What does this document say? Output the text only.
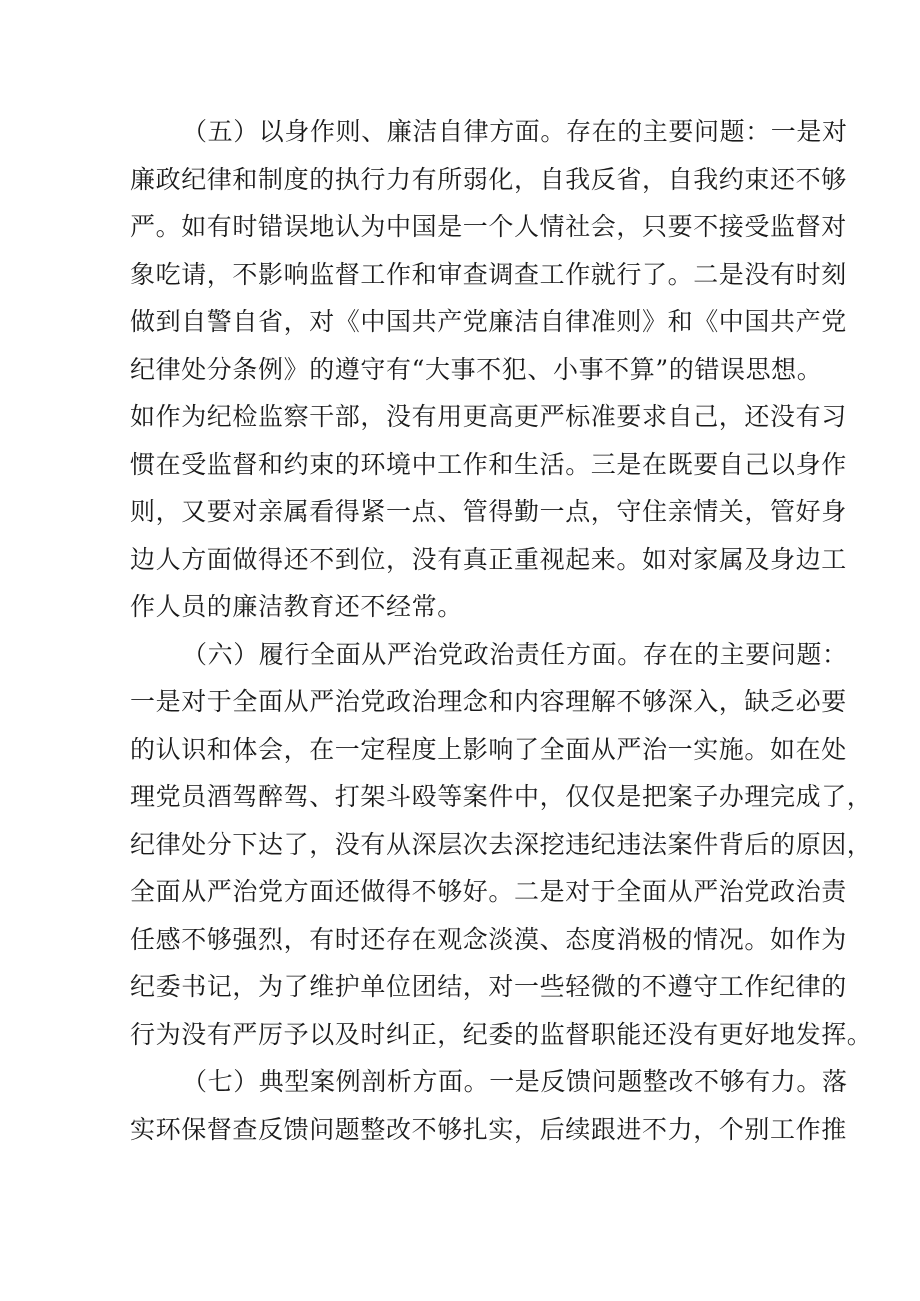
（五）以身作则、廉洁自律方面。存在的主要问题：一是对
廉政纪律和制度的执行力有所弱化，自我反省，自我约束还不够
严。如有时错误地认为中国是一个人情社会，只要不接受监督对
象吃请，不影响监督工作和审查调查工作就行了。二是没有时刻
做到自警自省，对《中国共产党廉洁自律准则》和《中国共产党
纪律处分条例》的遵守有“大事不犯、小事不算”的错误思想。
如作为纪检监察干部，没有用更高更严标准要求自己，还没有习
惯在受监督和约束的环境中工作和生活。三是在既要自己以身作
则，又要对亲属看得紧一点、管得勤一点，守住亲情关，管好身
边人方面做得还不到位，没有真正重视起来。如对家属及身边工
作人员的廉洁教育还不经常。
（六）履行全面从严治党政治责任方面。存在的主要问题：
一是对于全面从严治党政治理念和内容理解不够深入，缺乏必要
的认识和体会，在一定程度上影响了全面从严治一实施。如在处
理党员酒驾醉驾、打架斗殴等案件中，仅仅是把案子办理完成了，
纪律处分下达了，没有从深层次去深挖违纪违法案件背后的原因，
全面从严治党方面还做得不够好。二是对于全面从严治党政治责
任感不够强烈，有时还存在观念淡漠、态度消极的情况。如作为
纪委书记，为了维护单位团结，对一些轻微的不遵守工作纪律的
行为没有严厉予以及时纠正，纪委的监督职能还没有更好地发挥。
（七）典型案例剖析方面。一是反馈问题整改不够有力。落
实环保督查反馈问题整改不够扎实，后续跟进不力，个别工作推
